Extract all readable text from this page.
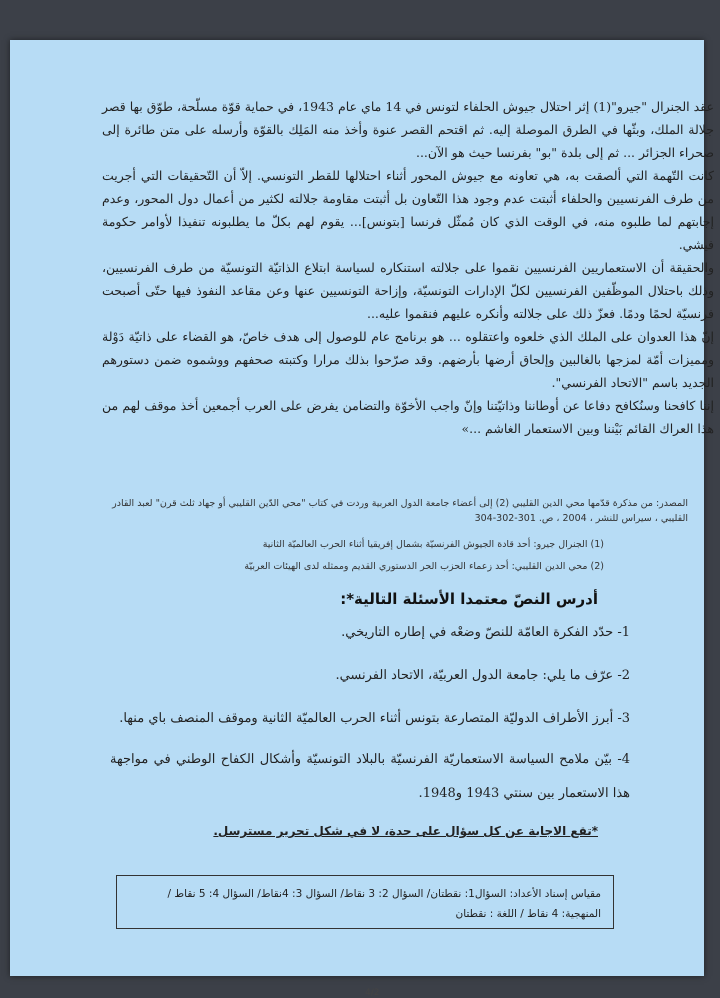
عقد الجنرال "جيرو"(1) إثر احتلال جيوش الحلفاء لتونس في 14 ماي عام 1943، في حماية قوّة مسلّحة، طوّق بها قصر جلالة الملك، وبثّها في الطرق الموصلة إليه. ثم اقتحم القصر عنوة وأخذ منه المَلِك بالقوّة وأرسله على متن طائرة إلى صحراء الجزائر ... ثم إلى بلدة "بو" بفرنسا حيث هو الآن...

كانت التّهمة التي ألصقت به، هي تعاونه مع جيوش المحور أثناء احتلالها للقطر التونسي. إلاّ أن التّحقيقات التي أجريت من طرف الفرنسيين والحلفاء أثبتت عدم وجود هذا التّعاون بل أثبتت مقاومة جلالته لكثير من أعمال دول المحور، وعدم إجابتهم لما طلبوه منه، في الوقت الذي كان مُمثّل فرنسا [بتونس]... يقوم لهم بكلّ ما يطلبونه تنفيذا لأوامر حكومة فيشي.

والحقيقة أن الاستعماريين الفرنسيين نقموا على جلالته استنكاره لسياسة ابتلاع الذاتيّة التونسيّة من طرف الفرنسيين، وذلك باحتلال الموظّفين الفرنسيين لكلّ الإدارات التونسيّة، وإزاحة التونسيين عنها وعن مقاعد النفوذ فيها حتّى أصبحت فرنسيّة لحمًا ودمًا. فعزّ ذلك على جلالته وأنكره عليهم فنقموا عليه...

إنّ هذا العدوان على الملك الذي خلعوه واعتقلوه ... هو برنامج عام للوصول إلى هدف خاصّ، هو القضاء على ذاتيّة دَوْلة ومميزات أمّة لمزجها بالغالبين وإلحاق أرضها بأرضهم. وقد صرّحوا بذلك مرارا وكتبته صحفهم ووشموه ضمن دستورهم الجديد باسم "الاتحاد الفرنسي".

إننا كافحنا وسنُكافح دفاعا عن أوطاننا وذاتيّتنا وإنّ واجب الأخوّة والتضامن يفرض على العرب أجمعين أخذ موقف لهم من هذا العراك القائم بَيْننا وبين الاستعمار الغاشم ...»

المصدر: من مذكرة قدّمها محي الدين القليبي (2) إلى أعضاء جامعة الدول العربية وردت في كتاب "محي الدّين القليبي أو جهاد ثلث قرن" لعبد القادر القليبي ، سيراس للنشر ، 2004 ، ص. 301-302-304
(1) الجنرال جيرو: أحد قادة الجيوش الفرنسيّة بشمال إفريقيا أثناء الحرب العالميّة الثانية
(2) محي الدين القليبي: أحد زعماء الحزب الحر الدستوري القديم وممثله لدى الهيئات العربيّة
أدرس النصّ معتمدا الأسئلة التالية*:
1- حدّد الفكرة العامّة للنصّ وضعْه في إطاره التاريخي.
2- عرّف ما يلي: جامعة الدول العربيّة، الاتحاد الفرنسي.
3- أبرز الأطراف الدوليّة المتصارعة بتونس أثناء الحرب العالميّة الثانية وموقف المنصف باي منها.
4- بيّن ملامح السياسة الاستعماريّة الفرنسيّة بالبلاد التونسيّة وأشكال الكفاح الوطني في مواجهة هذا الاستعمار بين سنتي 1943 و1948.
*تقع الاجابة عن كل سؤال على حدة، لا في شكل تحرير مسترسل.
مقياس إسناد الأعداد: السؤال1: نقطتان/ السؤال 2: 3 نقاط/ السؤال 3: 4نقاط/ السؤال 4: 5 نقاط /
المنهجية: 4 نقاط / اللغة : نقطتان
4/2
